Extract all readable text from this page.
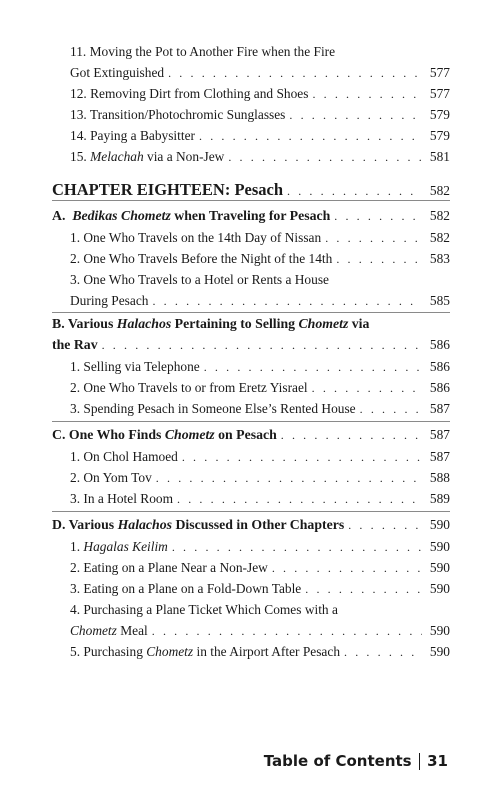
11. Moving the Pot to Another Fire when the Fire
Got Extinguished . . .	577
12. Removing Dirt from Clothing and Shoes . . .	577
13. Transition/Photochromic Sunglasses . . .	579
14. Paying a Babysitter . . .	579
15. Melachah via a Non-Jew . . .	581
CHAPTER EIGHTEEN: Pesach . . .	582
A. Bedikas Chometz when Traveling for Pesach . . .	582
1. One Who Travels on the 14th Day of Nissan . . .	582
2. One Who Travels Before the Night of the 14th . . .	583
3. One Who Travels to a Hotel or Rents a House
During Pesach . . .	585
B. Various Halachos Pertaining to Selling Chometz via
the Rav . . .	586
1. Selling via Telephone . . .	586
2. One Who Travels to or from Eretz Yisrael . . .	586
3. Spending Pesach in Someone Else’s Rented House . . .	587
C. One Who Finds Chometz on Pesach . . .	587
1. On Chol Hamoed . . .	587
2. On Yom Tov . . .	588
3. In a Hotel Room . . .	589
D. Various Halachos Discussed in Other Chapters . . .	590
1. Hagalas Keilim . . .	590
2. Eating on a Plane Near a Non-Jew . . .	590
3. Eating on a Plane on a Fold-Down Table . . .	590
4. Purchasing a Plane Ticket Which Comes with a
Chometz Meal . . .	590
5. Purchasing Chometz in the Airport After Pesach . . .	590
Table of Contents 31
